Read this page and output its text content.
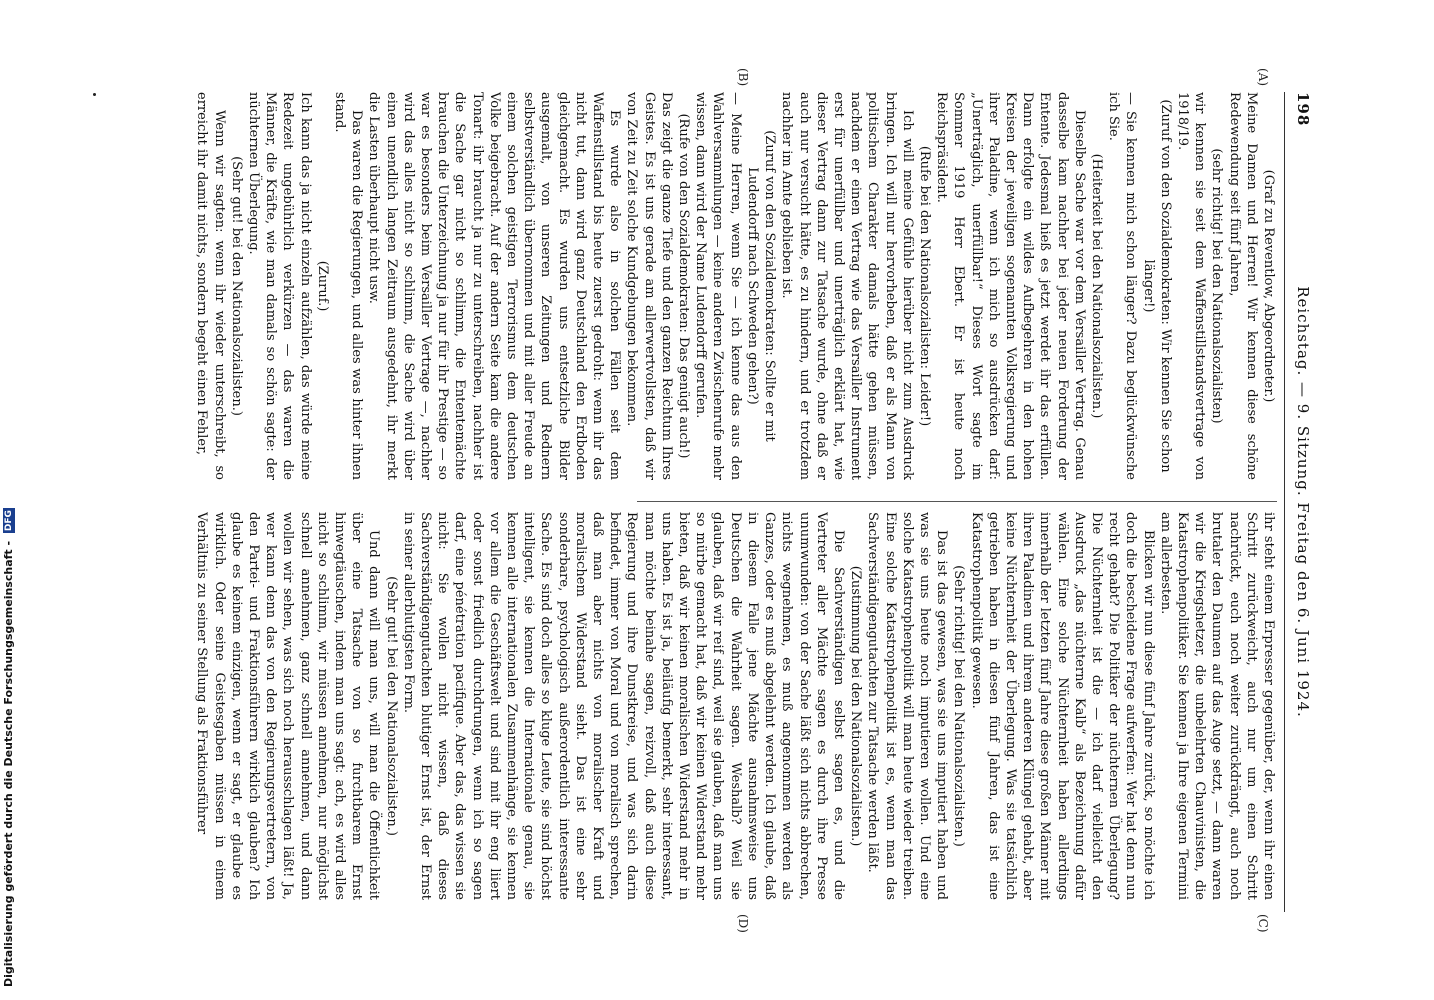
198
Reichstag. — 9. Sitzung. Freitag den 6. Juni 1924.

(Graf zu Reventlow, Abgeordneter.)

Meine Damen und Herren! Wir kennen diese schöne Redewendung seit fünf Jahren,

(sehr richtig! bei den Nationalsozialisten)

wir kennen sie seit dem Waffenstillstandsvertrage von 1918/19.

(Zuruf von den Sozialdemokraten: Wir kennen Sie schon länger!)

— Sie kennen mich schon länger? Dazu beglückwünsche ich Sie.

(Heiterkeit bei den Nationalsozialisten.)

Dieselbe Sache war vor dem Versailler Vertrag. Genau dasselbe kam nachher bei jeder neuen Forderung der Entente. Jedesmal hieß es jetzt werdet ihr das erfüllen. Dann erfolgte ein wildes Aufbegehren in den hohen Kreisen der jeweiligen sogenannten Volksregierung und ihrer Paladine, wenn ich mich so ausdrücken darf: „Unerträglich, unerfüllbar!“ Dieses Wort sagte im Sommer 1919 Herr Ebert. Er ist heute noch Reichspräsident.

(Rufe bei den Nationalsozialisten: Leider!)

Ich will meine Gefühle hierüber nicht zum Ausdruck bringen. Ich will nur hervorheben, daß er als Mann von politischem Charakter damals hätte gehen müssen, nachdem er einen Vertrag wie das Versailler Instrument erst für unerfüllbar und unerträglich erklärt hat, wie dieser Vertrag dann zur Tatsache wurde, ohne daß er auch nur versucht hätte, es zu hindern, und er trotzdem nachher im Amte geblieben ist.

(Zuruf von den Sozialdemokraten: Sollte er mit Ludendorff nach Schweden gehen?)

— Meine Herren, wenn Sie — ich kenne das aus den Wahlversammlungen — keine anderen Zwischenrufe mehr wissen, dann wird der Name Ludendorff gerufen.

(Rufe von den Sozialdemokraten: Das genügt auch!)

Das zeigt die ganze Tiefe und den ganzen Reichtum Ihres Geistes. Es ist uns gerade am allerwertvollsten, daß wir von Zeit zu Zeit solche Kundgebungen bekommen.

Es wurde also in solchen Fällen seit dem Waffenstillstand bis heute zuerst gedroht: wenn ihr das nicht tut, dann wird ganz Deutschland den Erdboden gleichgemacht. Es wurden uns entsetzliche Bilder ausgemalt, von unseren Zeitungen und Rednern selbstverständlich übernommen und mit aller Freude an einem solchen geistigen Terrorismus dem deutschen Volke beigebracht. Auf der andern Seite kam die andere Tonart: ihr braucht ja nur zu unterschreiben, nachher ist die Sache gar nicht so schlimm, die Ententemächte brauchen die Unterzeichnung ja nur für ihr Prestige — so war es besonders beim Versailler Vertrage —, nachher wird das alles nicht so schlimm, die Sache wird über einen unendlich langen Zeitraum ausgedehnt, ihr merkt die Lasten überhaupt nicht usw.

Das waren die Regierungen, und alles was hinter ihnen stand.

(Zuruf.)

Ich kann das ja nicht einzeln aufzählen, das würde meine Redezeit ungebührlich verkürzen — das waren die Männer, die Kräfte, wie man damals so schön sagte: der nüchternen Überlegung.

(Sehr gut! bei den Nationalsozialisten.)

Wenn wir sagten: wenn ihr wieder unterschreibt, so erreicht ihr damit nichts, sondern begeht einen Fehler,

ihr steht einem Erpresser gegenüber, der, wenn ihr einen Schritt zurückweicht, auch nur um einen Schritt nachrückt, euch noch weiter zurückdrängt, auch noch brutaler den Daumen auf das Auge setzt, — dann waren wir die Kriegshetzer, die unbelehrten Chauvinisten, die Katastrophenpolitiker. Sie kennen ja Ihre eigenen Termini am allerbesten.

Blicken wir nun diese fünf Jahre zurück, so möchte ich doch die bescheidene Frage aufwerfen: Wer hat denn nun recht gehabt? Die Politiker der nüchternen Überlegung? Die Nüchternheit ist die — ich darf vielleicht den Ausdruck „das nüchterne Kalb“ als Bezeichnung dafür wählen. Eine solche Nüchternheit haben allerdings innerhalb der letzten fünf Jahre diese großen Männer mit ihren Paladinen und ihrem anderen Klüngel gehabt, aber keine Nüchternheit der Überlegung. Was sie tatsächlich getrieben haben in diesen fünf Jahren, das ist eine Katastrophenpolitik gewesen.

(Sehr richtig! bei den Nationalsozialisten.)

Das ist das gewesen, was sie uns imputiert haben und was sie uns heute noch imputieren wollen. Und eine solche Katastrophenpolitik will man heute wieder treiben. Eine solche Katastrophenpolitik ist es, wenn man das Sachverständigengutachten zur Tatsache werden läßt.

(Zustimmung bei den Nationalsozialisten.)

Die Sachverständigen selbst sagen es, und die Vertreter aller Mächte sagen es durch ihre Presse unumwunden: von der Sache läßt sich nichts abbrechen, nichts wegnehmen, es muß angenommen werden als Ganzes, oder es muß abgelehnt werden. Ich glaube, daß in diesem Falle jene Mächte ausnahmsweise uns Deutschen die Wahrheit sagen. Weshalb? Weil sie glauben, daß wir reif sind, weil sie glauben, daß man uns so mürbe gemacht hat, daß wir keinen Widerstand mehr bieten, daß wir keinen moralischen Widerstand mehr in uns haben. Es ist ja, beiläufig bemerkt, sehr interessant, man möchte beinahe sagen, reizvoll, daß auch diese Regierung und ihre Dunstkreise, und was sich darin befindet, immer von Moral und von moralisch sprechen, daß man aber nichts von moralischer Kraft und moralischem Widerstand sieht. Das ist eine sehr sonderbare, psychologisch außerordentlich interessante Sache. Es sind doch alles so kluge Leute, sie sind höchst intelligent, sie kennen die Internationale genau, sie kennen alle internationalen Zusammenhänge, sie kennen vor allem die Geschäftswelt und sind mit ihr eng liiert oder sonst friedlich durchdrungen, wenn ich so sagen darf, eine pénétration pacifique. Aber das, das wissen sie nicht: Sie wollen nicht wissen, daß dieses Sachverständigengutachten blutiger Ernst ist, der Ernst in seiner allerblutigsten Form.

(Sehr gut! bei den Nationalsozialisten.)

Und dann will man uns, will man die Öffentlichkeit über eine Tatsache von so furchtbarem Ernst hinwegtäuschen, indem man uns sagt: ach, es wird alles nicht so schlimm, wir müssen annehmen, nur möglichst schnell annehmen, ganz schnell annehmen, und dann wollen wir sehen, was sich noch herausschlagen läßt! Ja, wer kann denn das von den Regierungsvertretern, von den Partei- und Fraktionsführern wirklich glauben? Ich glaube es keinem einzigen, wenn er sagt, er glaube es wirklich. Oder seine Geistesgaben müssen in einem Verhältnis zu seiner Stellung als Fraktionsführer

(A)
(B)
(C)
(D)
Digitalisierung gefördert durch die Deutsche Forschungsgemeinschaft - DFG
